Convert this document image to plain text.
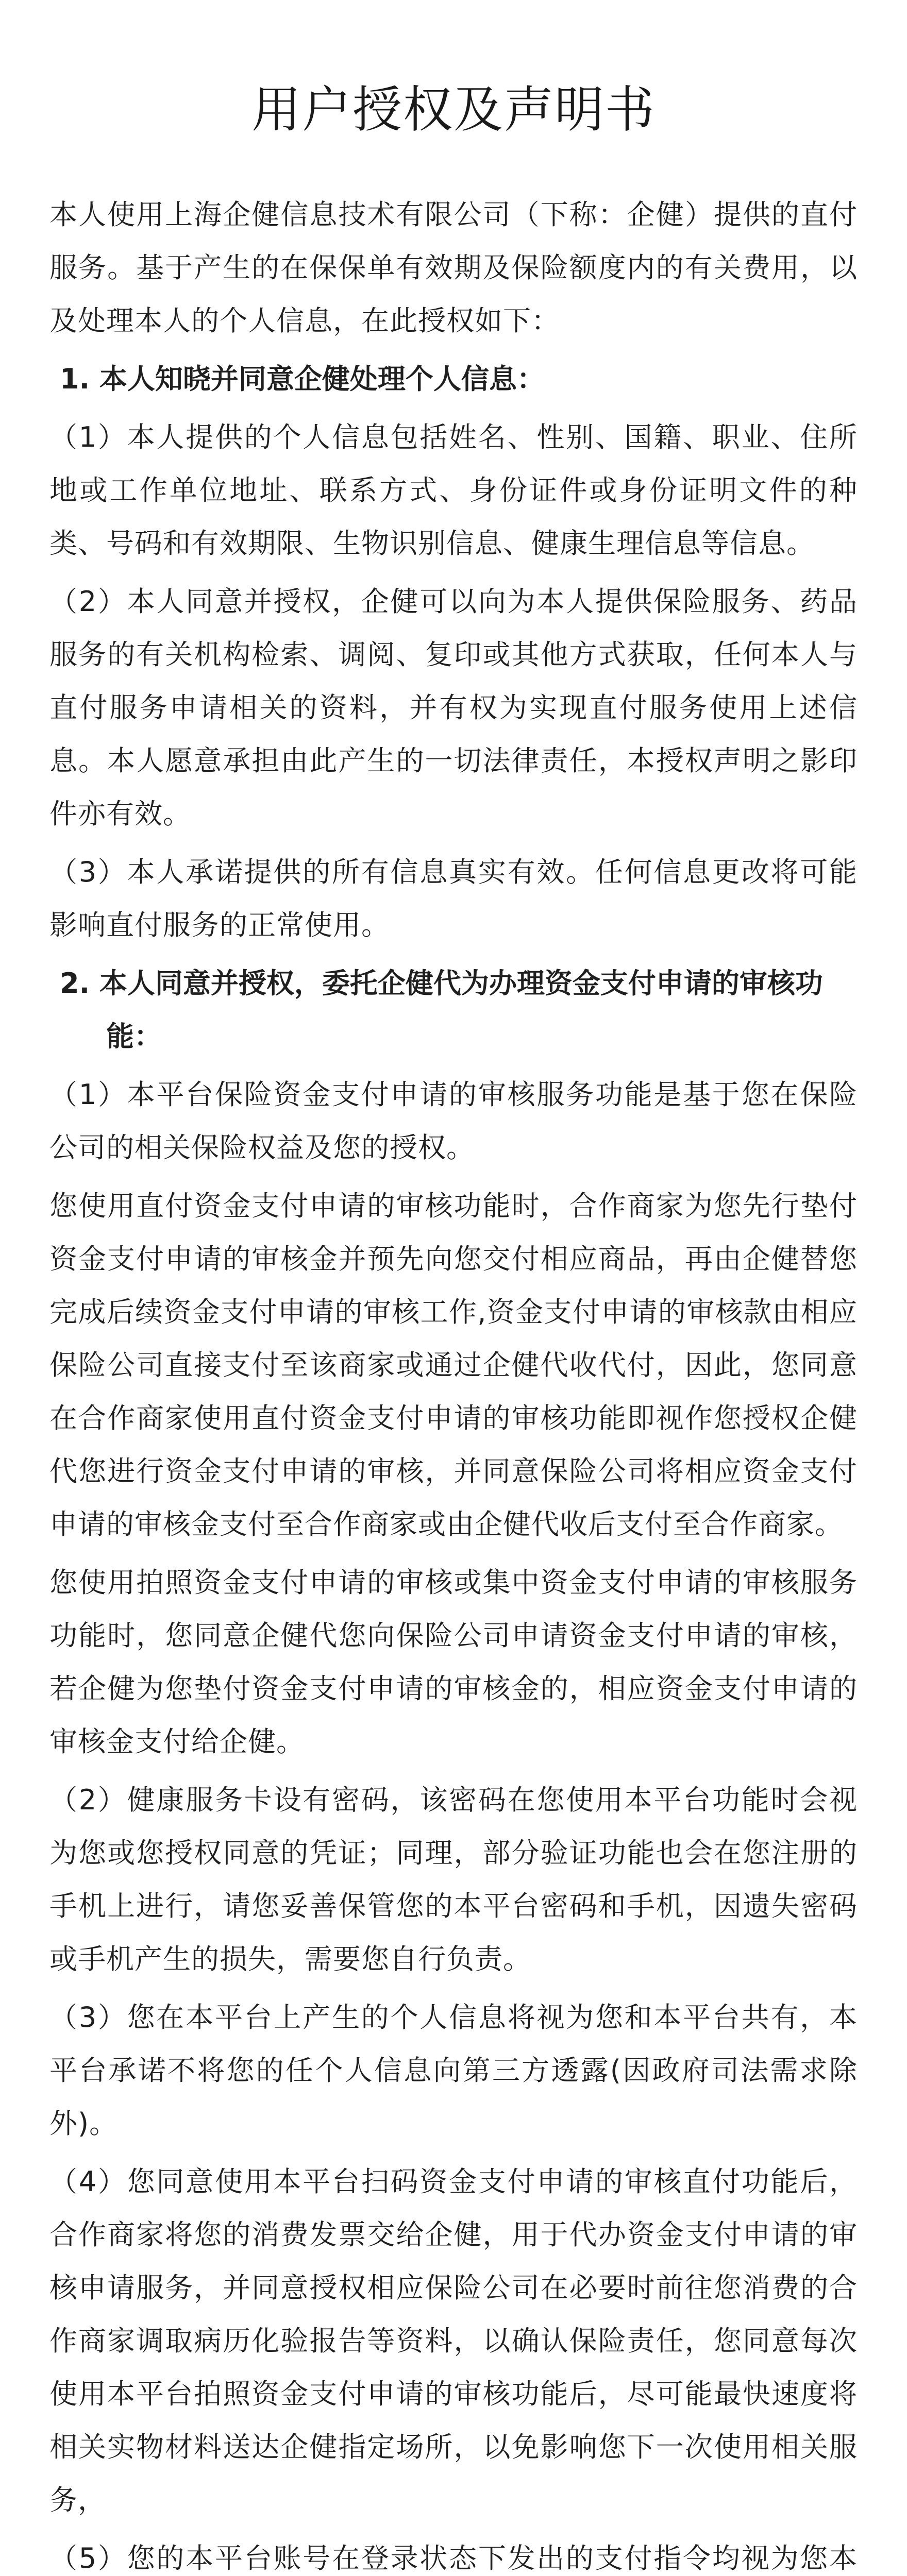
用户授权及声明书

本人使用上海企健信息技术有限公司（下称：企健）提供的直付服务。基于产生的在保保单有效期及保险额度内的有关费用，以及处理本人的个人信息，在此授权如下：

1. 本人知晓并同意企健处理个人信息：

（1）本人提供的个人信息包括姓名、性别、国籍、职业、住所地或工作单位地址、联系方式、身份证件或身份证明文件的种类、号码和有效期限、生物识别信息、健康生理信息等信息。

（2）本人同意并授权，企健可以向为本人提供保险服务、药品服务的有关机构检索、调阅、复印或其他方式获取，任何本人与直付服务申请相关的资料，并有权为实现直付服务使用上述信息。本人愿意承担由此产生的一切法律责任，本授权声明之影印件亦有效。

（3）本人承诺提供的所有信息真实有效。任何信息更改将可能影响直付服务的正常使用。

2. 本人同意并授权，委托企健代为办理资金支付申请的审核功能：

（1）本平台保险资金支付申请的审核服务功能是基于您在保险公司的相关保险权益及您的授权。

您使用直付资金支付申请的审核功能时，合作商家为您先行垫付资金支付申请的审核金并预先向您交付相应商品，再由企健替您完成后续资金支付申请的审核工作,资金支付申请的审核款由相应保险公司直接支付至该商家或通过企健代收代付，因此，您同意在合作商家使用直付资金支付申请的审核功能即视作您授权企健代您进行资金支付申请的审核，并同意保险公司将相应资金支付申请的审核金支付至合作商家或由企健代收后支付至合作商家。

您使用拍照资金支付申请的审核或集中资金支付申请的审核服务功能时，您同意企健代您向保险公司申请资金支付申请的审核，若企健为您垫付资金支付申请的审核金的，相应资金支付申请的审核金支付给企健。

（2）健康服务卡设有密码，该密码在您使用本平台功能时会视为您或您授权同意的凭证；同理，部分验证功能也会在您注册的手机上进行，请您妥善保管您的本平台密码和手机，因遗失密码或手机产生的损失，需要您自行负责。

（3）您在本平台上产生的个人信息将视为您和本平台共有，本平台承诺不将您的任个人信息向第三方透露(因政府司法需求除外)。

（4）您同意使用本平台扫码资金支付申请的审核直付功能后，合作商家将您的消费发票交给企健，用于代办资金支付申请的审核申请服务，并同意授权相应保险公司在必要时前往您消费的合作商家调取病历化验报告等资料，以确认保险责任，您同意每次使用本平台拍照资金支付申请的审核功能后，尽可能最快速度将相关实物材料送达企健指定场所，以免影响您下一次使用相关服务，

（5）您的本平台账号在登录状态下发出的支付指令均视为您本
